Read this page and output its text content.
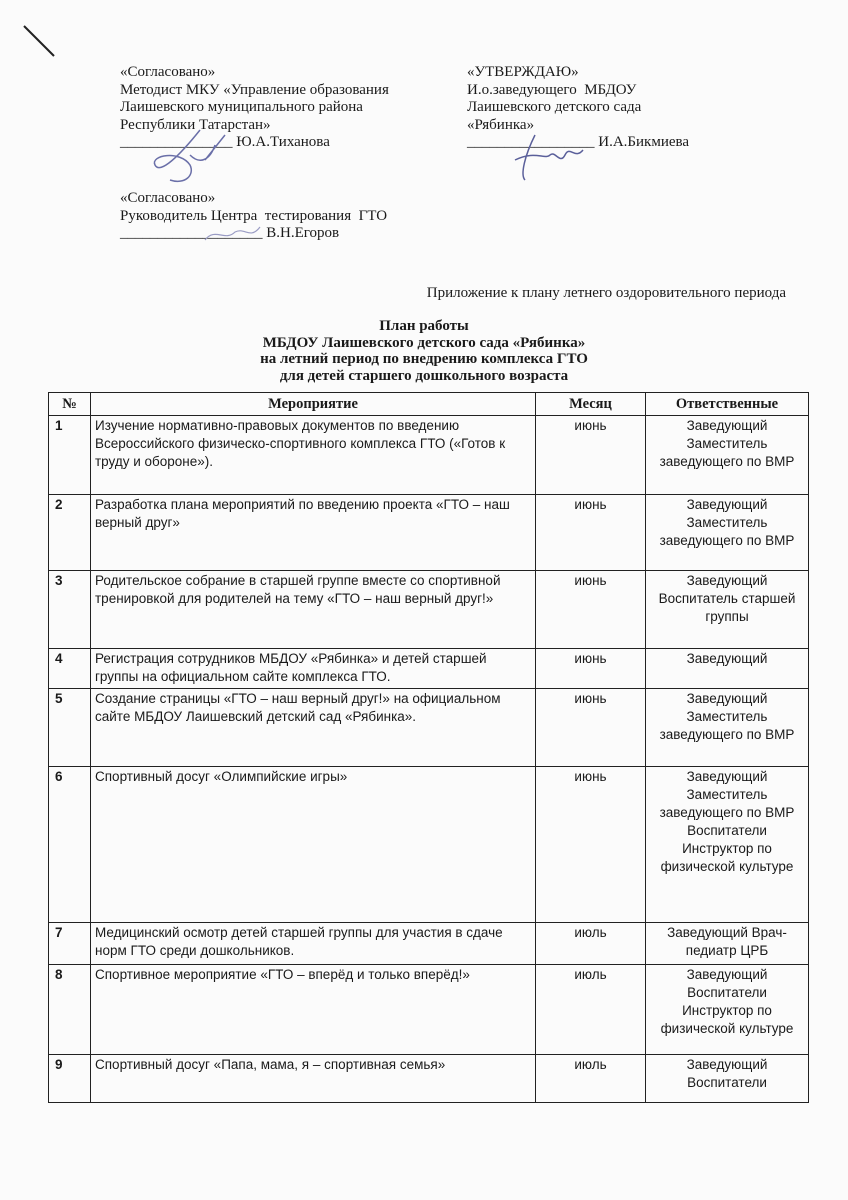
«Согласовано»
Методист МКУ «Управление образования
Лаишевского муниципального района
Республики Татарстан»
_______________ Ю.А.Тиханова
«Согласовано»
Руководитель Центра  тестирования  ГТО
___________________ В.Н.Егоров
«УТВЕРЖДАЮ»
И.о.заведующего  МБДОУ
Лаишевского детского сада
«Рябинка»
_________________ И.А.Бикмиева
Приложение к плану летнего оздоровительного периода
План работы
МБДОУ Лаишевского детского сада «Рябинка»
на летний период по внедрению комплекса ГТО
для детей старшего дошкольного возраста
№	Мероприятие	Месяц	Ответственные
1	Изучение нормативно-правовых документов по введению Всероссийского физическо-спортивного комплекса ГТО («Готов к труду и обороне»).	июнь	Заведующий Заместитель заведующего по ВМР
2	Разработка плана мероприятий по введению проекта «ГТО – наш верный друг»	июнь	Заведующий Заместитель заведующего по ВМР
3	Родительское собрание в старшей группе вместе со спортивной тренировкой для родителей на тему «ГТО – наш верный друг!»	июнь	Заведующий Воспитатель старшей группы
4	Регистрация сотрудников МБДОУ «Рябинка» и детей старшей группы на официальном сайте комплекса ГТО.	июнь	Заведующий
5	Создание страницы «ГТО – наш верный друг!» на официальном сайте МБДОУ Лаишевский детский сад «Рябинка».	июнь	Заведующий Заместитель заведующего по ВМР
6	Спортивный досуг «Олимпийские игры»	июнь	Заведующий Заместитель заведующего по ВМР Воспитатели Инструктор по физической культуре
7	Медицинский осмотр детей старшей группы для участия в сдаче норм ГТО среди дошкольников.	июль	Заведующий Врач-педиатр ЦРБ
8	Спортивное мероприятие «ГТО – вперёд и только вперёд!»	июль	Заведующий Воспитатели Инструктор по физической культуре
9	Спортивный досуг «Папа, мама, я – спортивная семья»	июль	Заведующий Воспитатели
